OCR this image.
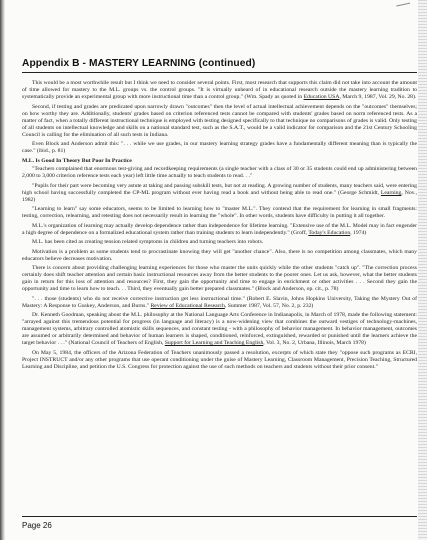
Appendix B - MASTERY LEARNING (continued)

This would be a most worthwhile result but I think we need to consider several points. First, most research that supports this claim did not take into account the amount of time allowed for mastery to the M.L. groups vs. the control groups. "It is virtually unheard of in educational research outside the mastery learning tradition to systematically provide an experimental group with more instructional time than a control group." (Wm. Spady as quoted in Education USA, March 9, 1987, Vol. 29, No. 28).

Second, if testing and grades are predicated upon narrowly drawn "outcomes" then the level of actual intellectual achievement depends on the "outcomes" themselves; on how worthy they are. Additionally, students' grades based on criterion referenced tests cannot be compared with students' grades based on norm referenced tests. As a matter of fact, when a totally different instructional technique is employed with testing designed specifically to that technique no comparisons of grades is valid. Only testing of all students on intellectual knowledge and skills on a national standard test, such as the S.A.T., would be a valid indicator for comparison and the 21st Century Schooling Council is calling for the elimination of all such tests in Indiana.

Even Block and Anderson admit this: ". . . while we use grades, in our mastery learning strategy grades have a fundamentally different meaning than is typically the case." (ibid., p. 81)

M.L. Is Good In Theory But Poor In Practice

"Teachers complained that enormous test-giving and recordkeeping requirements (a single teacher with a class of 30 or 35 students could end up administering between 2,000 to 3,000 criterion reference tests each year) left little time actually to teach students to read. . ."

"Pupils for their part were becoming very astute at taking and passing subskill tests, but not at reading. A growing number of students, many teachers said, were entering high school having successfully completed the CP-ML program without ever having read a book and without being able to read one." (George Schmidt, Learning, Nov., 1982)

"Learning to learn" say some educators, seems to be limited to learning how to "master M.L.". They contend that the requirement for learning in small fragments: testing, correction, relearning, and retesting does not necessarily result in learning the "whole". In other words, students have difficulty in putting it all together.

M.L.'s organization of learning may actually develop dependence rather than independence for lifetime learning. "Extensive use of the M.L. Model may in fact engender a high degree of dependence on a formalized educational system rather than training students to learn independently." (Groff, Today's Education, 1974)

M.L. has been cited as creating tension related symptoms in children and turning teachers into robots.

Motivation is a problem as some students tend to procrastinate knowing they will get "another chance". Also, there is no competition among classmates, which many educators believe decreases motivation.

There is concern about providing challenging learning experiences for those who master the units quickly while the other students "catch up". "The correction process certainly does shift teacher attention and certain basic instructional resources away from the better students to the poorer ones. Let us ask, however, what the better students gain in return for this loss of attention and resources? First, they gain the opportunity and time to engage in enrichment or other activities . . . Second they gain the opportunity and time to learn how to teach. . . Third, they eventually gain better prepared classmates." (Block and Anderson, op. cit., p. 78)

". . . those (students) who do not receive corrective instruction get less instructional time." (Robert E. Slavin, Johns Hopkins University, Taking the Mystery Out of Mastery: A Response to Guskey, Anderson, and Burns." Review of Educational Research, Summer 1987, Vol. 57, No. 2, p. 232)

Dr. Kenneth Goodman, speaking about the M.L. philosophy at the National Language Arts Conference in Indianapolis, in March of 1978, made the following statement: "arrayed against this tremendous potential for progress (in language and literacy) is a now-widening view that combines the outward vestiges of technology-machines, management systems, arbitrary controlled atomistic skills sequences, and constant testing - with a philosophy of behavior management. In behavior management, outcomes are assumed or arbitrarily determined and behavior of human learners is shaped, conditioned, reinforced, extinguished, rewarded or punished until the learners achieve the target behavior . . ." (National Council of Teachers of English, Support for Learning and Teaching English, Vol. 3, No. 2, Urbana, Illinois, March 1978)

On May 5, 1984, the officers of the Arizona Federation of Teachers unanimously passed a resolution, excerpts of which state they "oppose such programs as ECRI, Project INSTRUCT and/or any other programs that use operant conditioning under the guise of Mastery Learning, Classroom Management, Precision Teaching, Structured Learning and Discipline, and petition the U.S. Congress for protection against the use of such methods on teachers and students without their prior consent."

Page 26
